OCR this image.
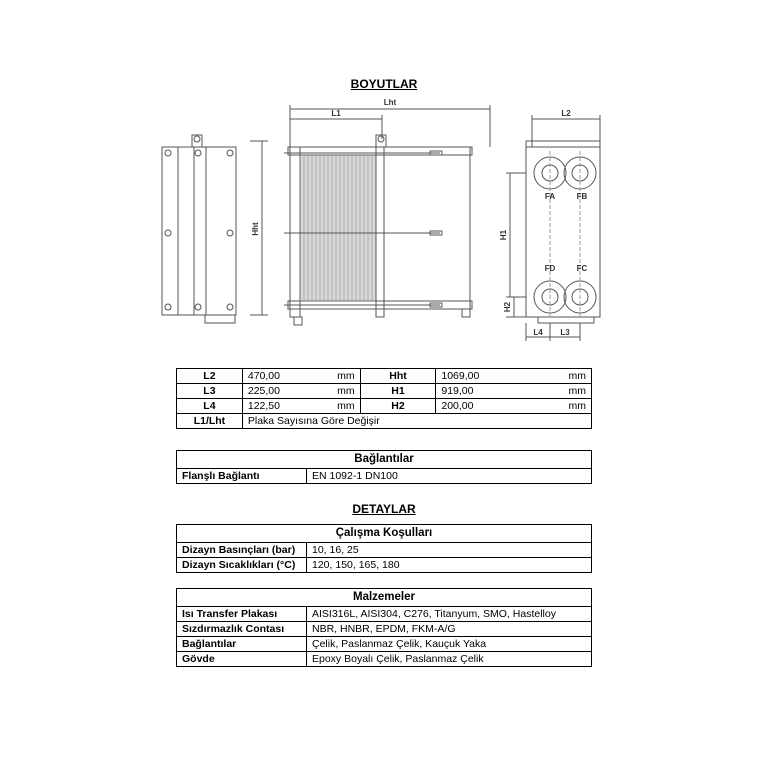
BOYUTLAR
Lht
L1	L2
Hht	H1
H2
L4 L3
FA	FB
FD	FC
L2	470,00	mm	Hht	1069,00	mm
L3	225,00	mm	H1	919,00	mm
L4	122,50	mm	H2	200,00	mm
L1/Lht	Plaka Sayısına Göre Değişir				
Bağlantılar
Flanşlı Bağlantı	EN 1092-1 DN100
DETAYLAR
Çalışma Koşulları	
Dizayn Basınçları (bar)	10, 16, 25
Dizayn Sıcaklıkları (°C)	120, 150, 165, 180
Malzemeler	
Isı Transfer Plakası	AISI316L, AISI304, C276, Titanyum, SMO, Hastelloy
Sızdırmazlık Contası	NBR, HNBR, EPDM, FKM-A/G
Bağlantılar	Çelik, Paslanmaz Çelik, Kauçuk Yaka
Gövde	Epoxy Boyalı Çelik, Paslanmaz Çelik
